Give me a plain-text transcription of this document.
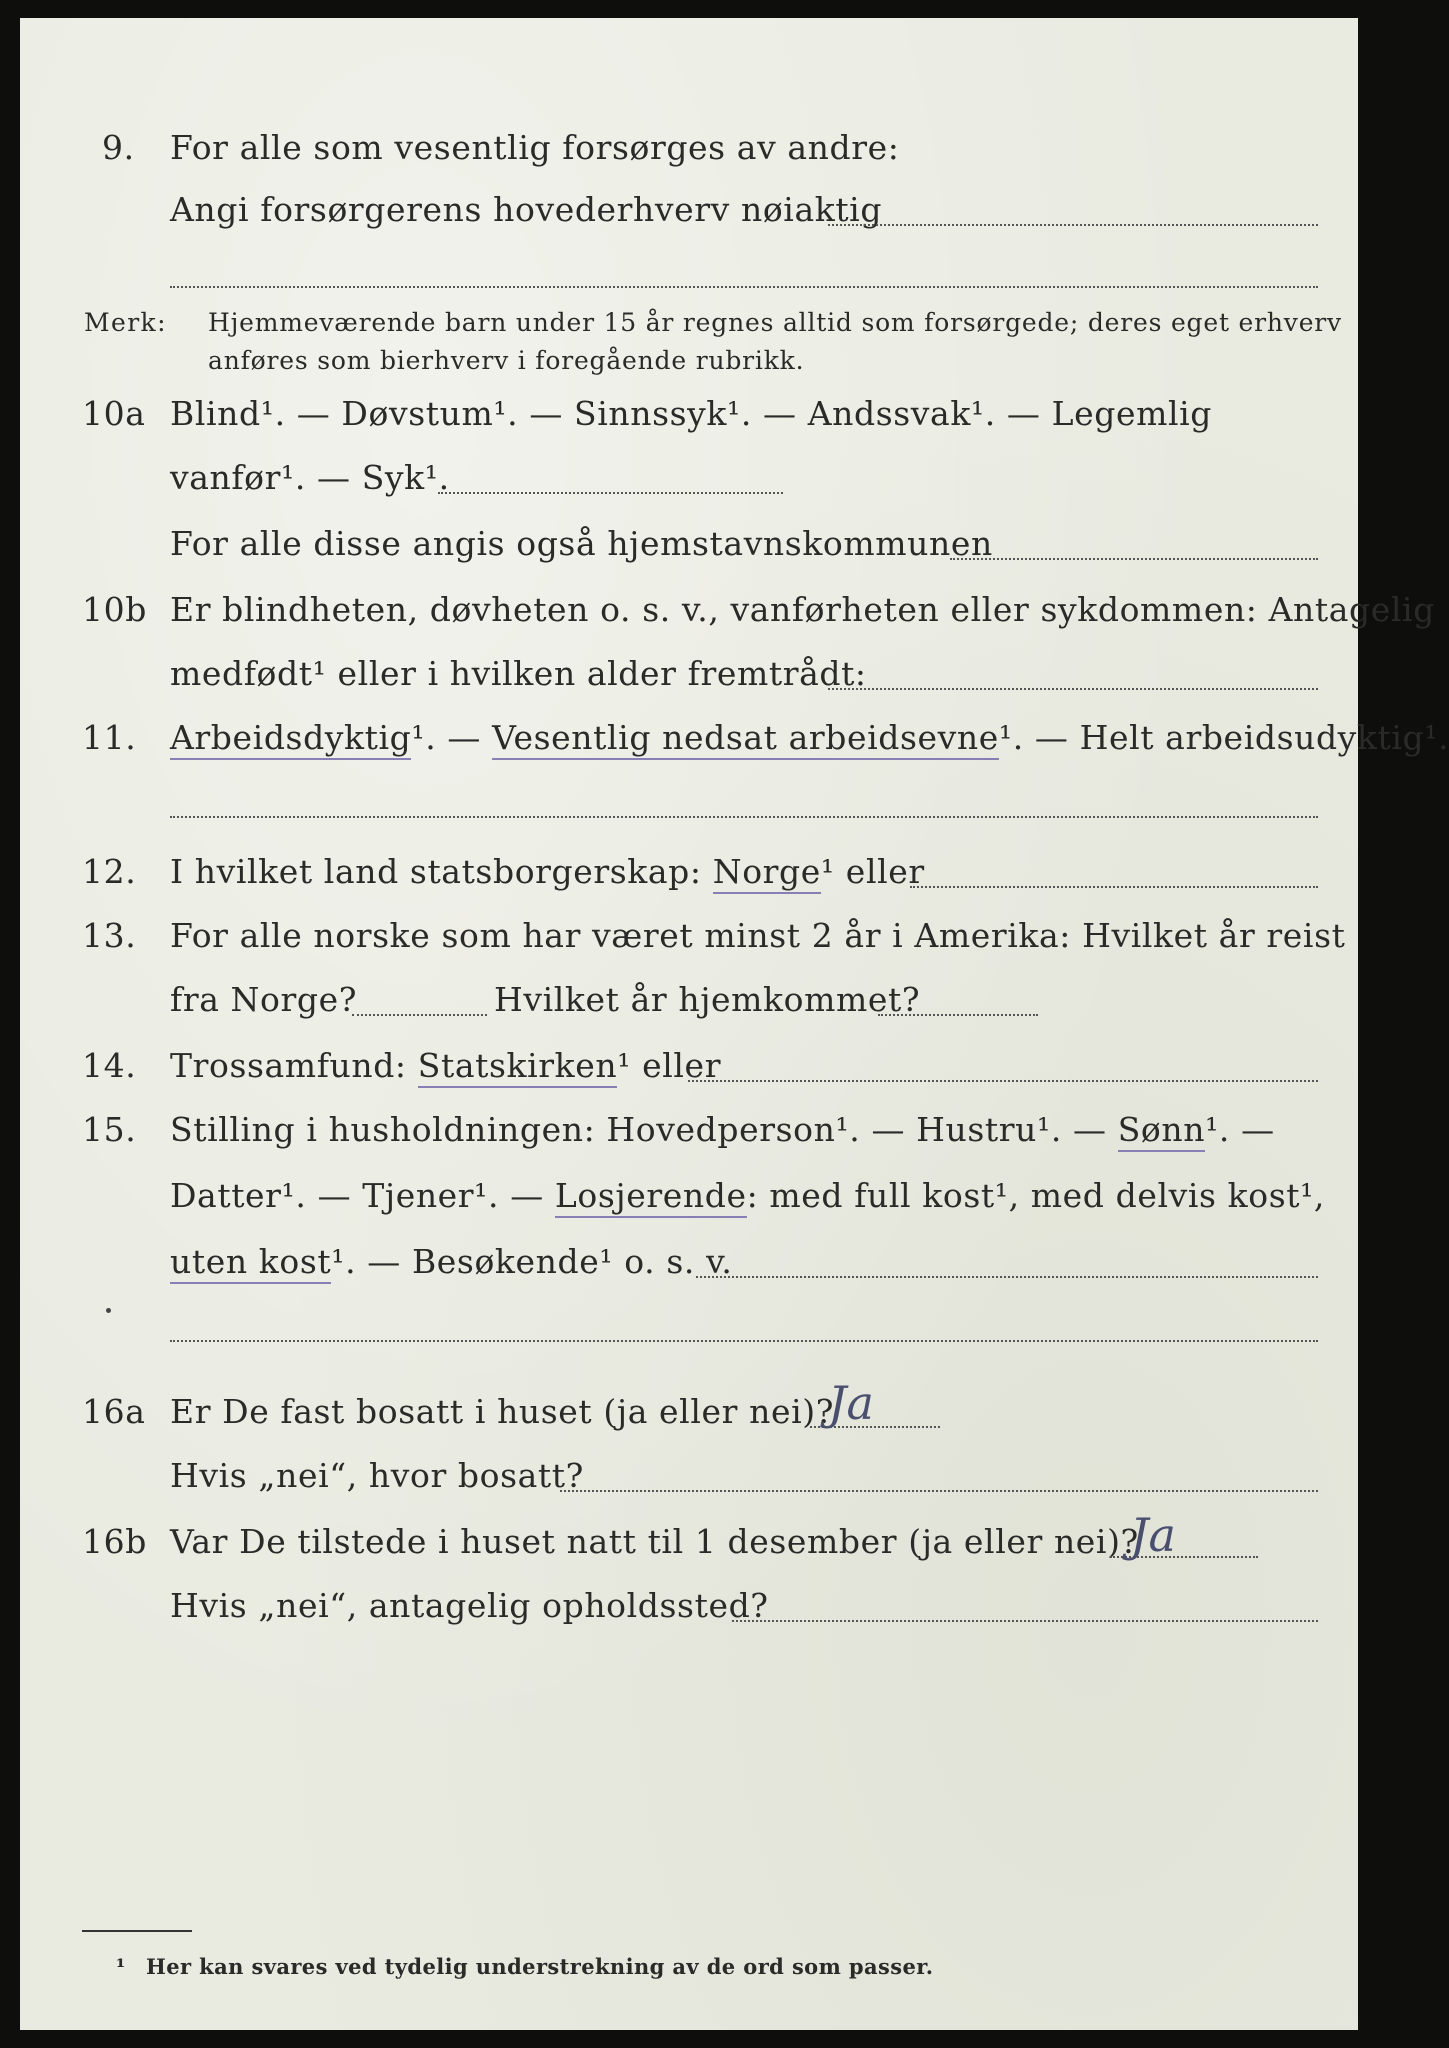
9. For alle som vesentlig forsørges av andre:
Angi forsørgerens hovederhverv nøiaktig
Merk: Hjemmeværende barn under 15 år regnes alltid som forsørgede; deres eget erhverv
anføres som bierhverv i foregående rubrikk.
10a Blind¹. — Døvstum¹. — Sinnssyk¹. — Andssvak¹. — Legemlig
vanfør¹. — Syk¹.
For alle disse angis også hjemstavnskommunen
10b Er blindheten, døvheten o. s. v., vanførheten eller sykdommen: Antagelig
medfødt¹ eller i hvilken alder fremtrådt:
11. Arbeidsdyktig¹. — Vesentlig nedsat arbeidsevne¹. — Helt arbeidsudyktig¹.
12. I hvilket land statsborgerskap: Norge¹ eller
13. For alle norske som har været minst 2 år i Amerika: Hvilket år reist
fra Norge?	Hvilket år hjemkommet?
14. Trossamfund: Statskirken¹ eller
15. Stilling i husholdningen: Hovedperson¹. — Hustru¹. — Sønn¹. —
Datter¹. — Tjener¹. — Losjerende: med full kost¹, med delvis kost¹,
uten kost¹. — Besøkende¹ o. s. v.
16a Er De fast bosatt i huset (ja eller nei)?
Ja
Hvis „nei“, hvor bosatt?
16b Var De tilstede i huset natt til 1 desember (ja eller nei)?
Ja
Hvis „nei“, antagelig opholdssted?
¹ Her kan svares ved tydelig understrekning av de ord som passer.
